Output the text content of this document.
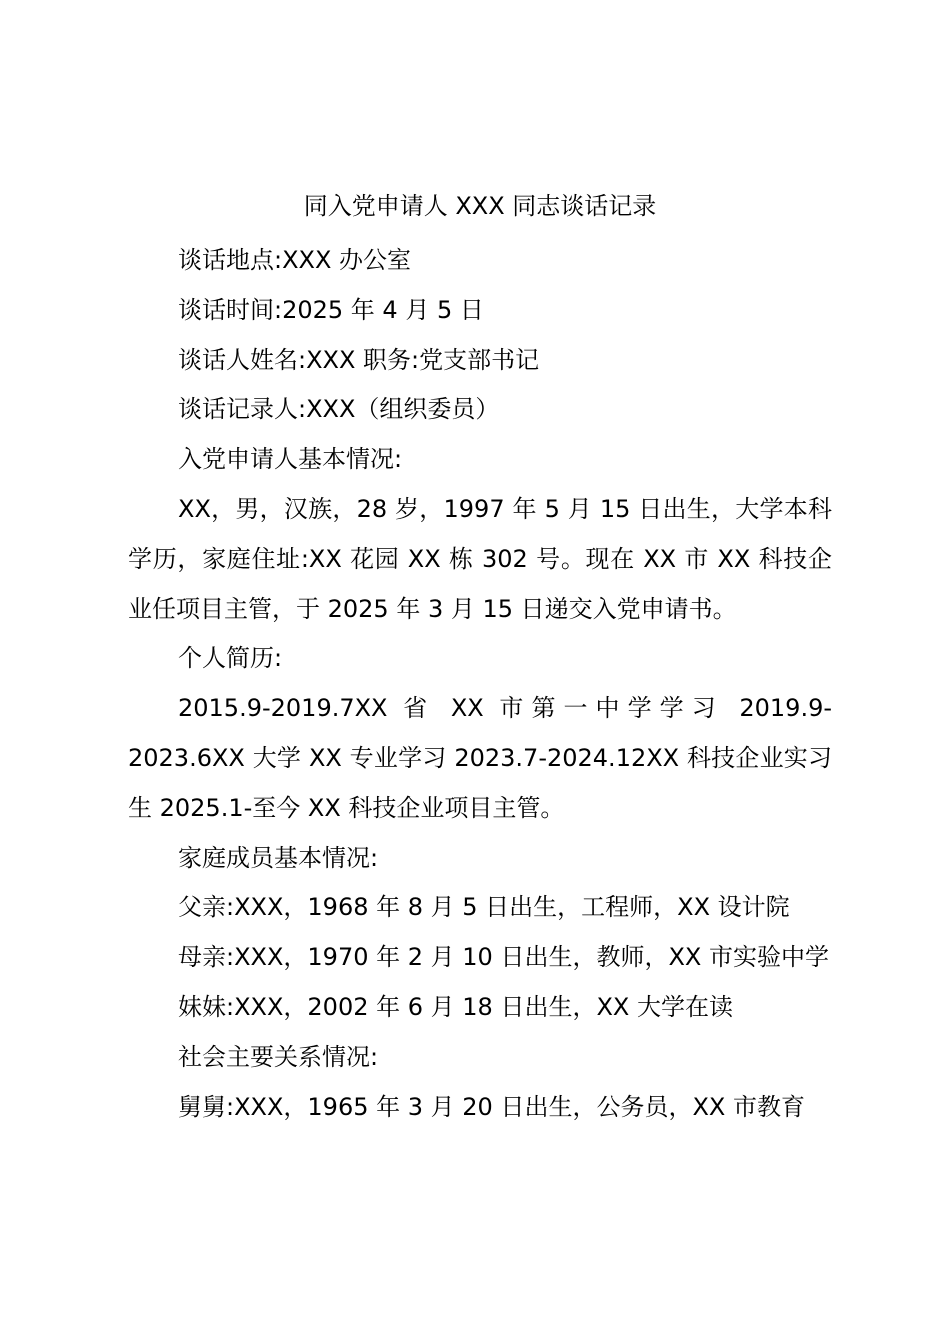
同入党申请人 XXX 同志谈话记录

谈话地点:XXX 办公室

谈话时间:2025 年 4 月 5 日

谈话人姓名:XXX 职务:党支部书记

谈话记录人:XXX（组织委员）

入党申请人基本情况:

XX，男，汉族，28 岁，1997 年 5 月 15 日出生，大学本科学历，家庭住址:XX 花园 XX 栋 302 号。现在 XX 市 XX 科技企业任项目主管，于 2025 年 3 月 15 日递交入党申请书。

个人简历:

2015.9-2019.7XX 省 XX 市第一中学学习 2019.9-2023.6XX 大学 XX 专业学习 2023.7-2024.12XX 科技企业实习生 2025.1-至今 XX 科技企业项目主管。

家庭成员基本情况:

父亲:XXX，1968 年 8 月 5 日出生，工程师，XX 设计院

母亲:XXX，1970 年 2 月 10 日出生，教师，XX 市实验中学

妹妹:XXX，2002 年 6 月 18 日出生，XX 大学在读

社会主要关系情况:

舅舅:XXX，1965 年 3 月 20 日出生，公务员，XX 市教育
